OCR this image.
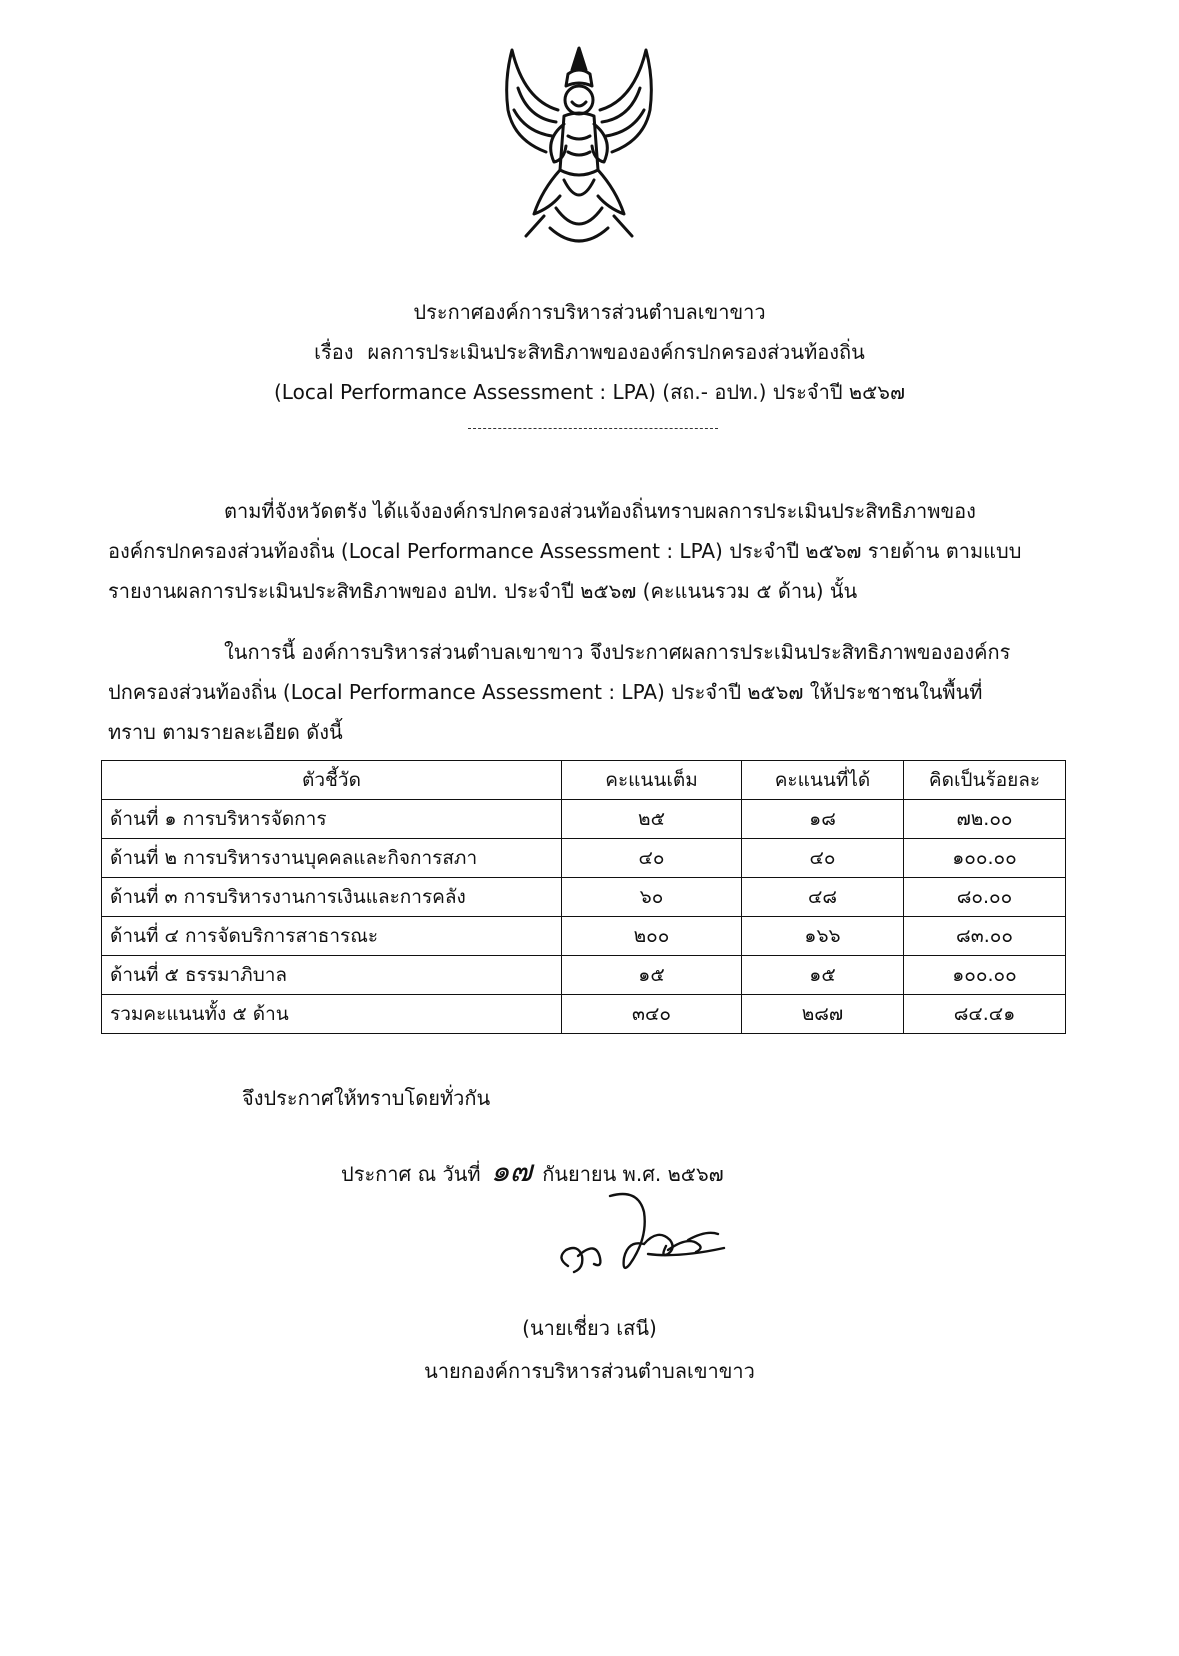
ประกาศองค์การบริหารส่วนตำบลเขาขาว
เรื่อง ผลการประเมินประสิทธิภาพขององค์กรปกครองส่วนท้องถิ่น
(Local Performance Assessment : LPA) (สถ.- อปท.) ประจำปี ๒๕๖๗
ตามที่จังหวัดตรัง ได้แจ้งองค์กรปกครองส่วนท้องถิ่นทราบผลการประเมินประสิทธิภาพของ
องค์กรปกครองส่วนท้องถิ่น (Local Performance Assessment : LPA) ประจำปี ๒๕๖๗ รายด้าน ตามแบบ
รายงานผลการประเมินประสิทธิภาพของ อปท. ประจำปี ๒๕๖๗ (คะแนนรวม ๕ ด้าน) นั้น
ในการนี้ องค์การบริหารส่วนตำบลเขาขาว จึงประกาศผลการประเมินประสิทธิภาพขององค์กร
ปกครองส่วนท้องถิ่น (Local Performance Assessment : LPA) ประจำปี ๒๕๖๗ ให้ประชาชนในพื้นที่
ทราบ ตามรายละเอียด ดังนี้
ตัวชี้วัด	คะแนนเต็ม	คะแนนที่ได้	คิดเป็นร้อยละ
ด้านที่ ๑ การบริหารจัดการ	๒๕	๑๘	๗๒.๐๐
ด้านที่ ๒ การบริหารงานบุคคลและกิจการสภา	๔๐	๔๐	๑๐๐.๐๐
ด้านที่ ๓ การบริหารงานการเงินและการคลัง	๖๐	๔๘	๘๐.๐๐
ด้านที่ ๔ การจัดบริการสาธารณะ	๒๐๐	๑๖๖	๘๓.๐๐
ด้านที่ ๕ ธรรมาภิบาล	๑๕	๑๕	๑๐๐.๐๐
รวมคะแนนทั้ง ๕ ด้าน	๓๔๐	๒๘๗	๘๔.๔๑
จึงประกาศให้ทราบโดยทั่วกัน
ประกาศ ณ วันที่ ๑๗ กันยายน พ.ศ. ๒๕๖๗
(นายเชี่ยว เสนี)
นายกองค์การบริหารส่วนตำบลเขาขาว
